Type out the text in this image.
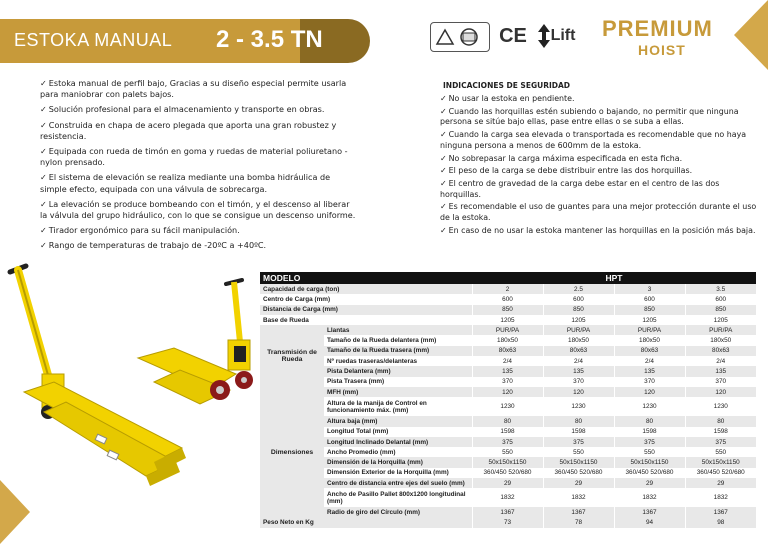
ESTOKA MANUAL 2 - 3.5 TN	CE Lift PREMIUM
HOIST
✓ Estoka manual de perfil bajo, Gracias a su diseño especial permite usarla para maniobrar con palets bajos.
✓ Solución profesional para el almacenamiento y transporte en obras.
✓ Construida en chapa de acero plegada que aporta una gran robustez y resistencia.
✓ Equipada con rueda de timón en goma y ruedas de material poliuretano - nylon prensado.
✓ El sistema de elevación se realiza mediante una bomba hidráulica de simple efecto, equipada con una válvula de sobrecarga.
✓ La elevación se produce bombeando con el timón, y el descenso al liberar la válvula del grupo hidráulico, con lo que se consigue un descenso uniforme.
✓ Tirador ergonómico para su fácil manipulación.
✓ Rango de temperaturas de trabajo de -20ºC a +40ºC.
INDICACIONES DE SEGURIDAD
✓ No usar la estoka en pendiente.
✓ Cuando las horquillas estén subiendo o bajando, no permitir que ninguna persona se sitúe bajo ellas, pase entre ellas o se suba a ellas.
✓ Cuando la carga sea elevada o transportada es recomendable que no haya ninguna persona a menos de 600mm de la estoka.
✓ No sobrepasar la carga máxima especificada en esta ficha.
✓ El peso de la carga se debe distribuir entre las dos horquillas.
✓ El centro de gravedad de la carga debe estar en el centro de las dos horquillas.
✓ Es recomendable el uso de guantes para una mejor protección durante el uso de la estoka.
✓ En caso de no usar la estoka mantener las horquillas en la posición más baja.
MODELO		HPT			
Capacidad de carga (ton)		2	2.5	3	3.5
Centro de Carga (mm)		600	600	600	600
Distancia de Carga (mm)		850	850	850	850
Base de Rueda		1205	1205	1205	1205
Transmisión de Rueda	Llantas	PUR/PA	PUR/PA	PUR/PA	PUR/PA
	Tamaño de la Rueda delantera (mm)	180x50	180x50	180x50	180x50
	Tamaño de la Rueda trasera (mm)	80x63	80x63	80x63	80x63
	Nº ruedas traseras/delanteras	2/4	2/4	2/4	2/4
	Pista Delantera (mm)	135	135	135	135
	Pista Trasera (mm)	370	370	370	370
Dimensiones	MFH (mm)	120	120	120	120
	Altura de la manija de Control en funcionamiento máx. (mm)	1230	1230	1230	1230
	Altura baja (mm)	80	80	80	80
	Longitud Total (mm)	1598	1598	1598	1598
	Longitud Inclinado Delantal (mm)	375	375	375	375
	Ancho Promedio (mm)	550	550	550	550
	Dimensión de la Horquilla (mm)	50x150x1150	50x150x1150	50x150x1150	50x150x1150
	Dimensión Exterior de la Horquilla (mm)	360/450 520/680	360/450 520/680	360/450 520/680	360/450 520/680
	Centro de distancia entre ejes del suelo (mm)	29	29	29	29
	Ancho de Pasillo Pallet 800x1200 longitudinal (mm)	1832	1832	1832	1832
	Radio de giro del Círculo (mm)	1367	1367	1367	1367
Peso Neto en Kg		73	78	94	98
